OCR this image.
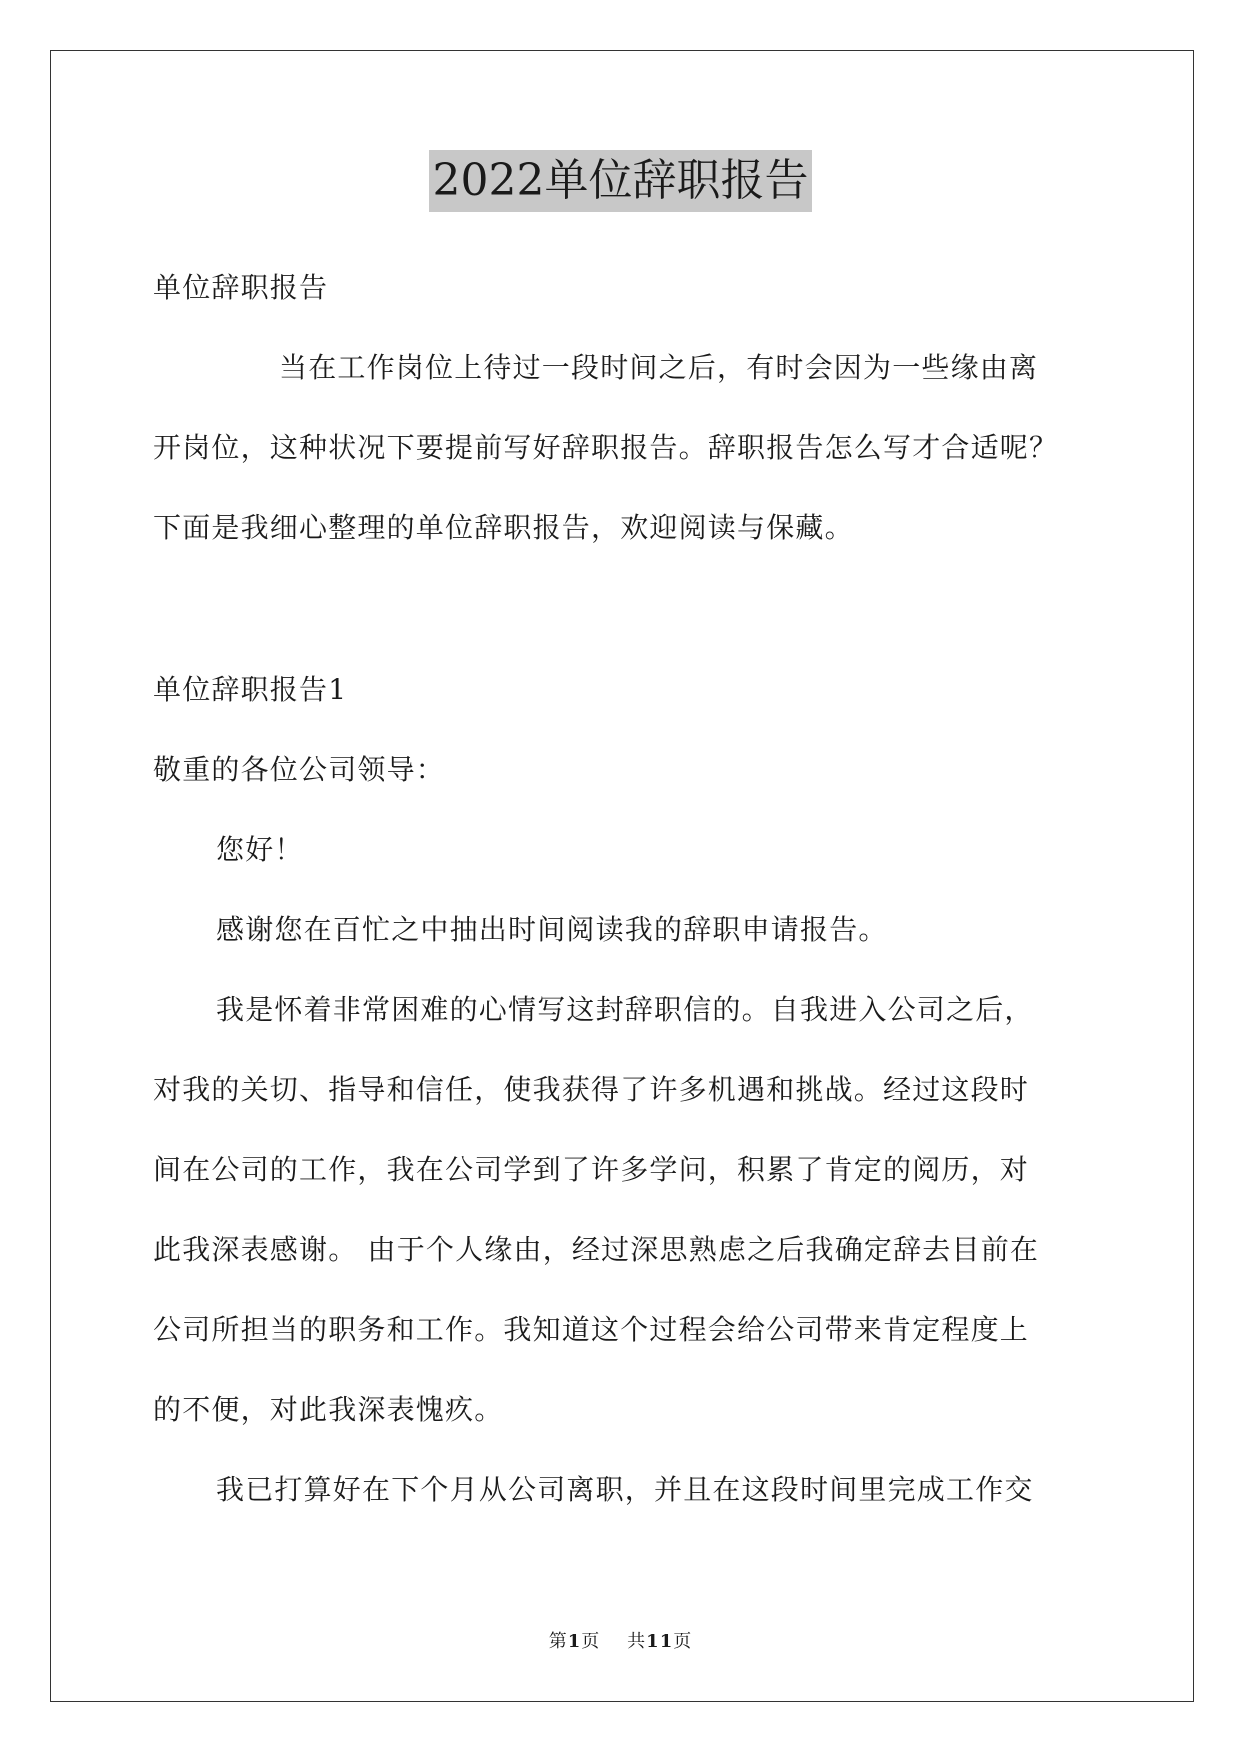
2022单位辞职报告
单位辞职报告
当在工作岗位上待过一段时间之后，有时会因为一些缘由离
开岗位，这种状况下要提前写好辞职报告。辞职报告怎么写才合适呢？
下面是我细心整理的单位辞职报告，欢迎阅读与保藏。
单位辞职报告1
敬重的各位公司领导：
您好！
感谢您在百忙之中抽出时间阅读我的辞职申请报告。
我是怀着非常困难的心情写这封辞职信的。自我进入公司之后，
对我的关切、指导和信任，使我获得了许多机遇和挑战。经过这段时
间在公司的工作，我在公司学到了许多学问，积累了肯定的阅历，对
此我深表感谢。 由于个人缘由，经过深思熟虑之后我确定辞去目前在
公司所担当的职务和工作。我知道这个过程会给公司带来肯定程度上
的不便，对此我深表愧疚。
我已打算好在下个月从公司离职，并且在这段时间里完成工作交
第1页 共11页
